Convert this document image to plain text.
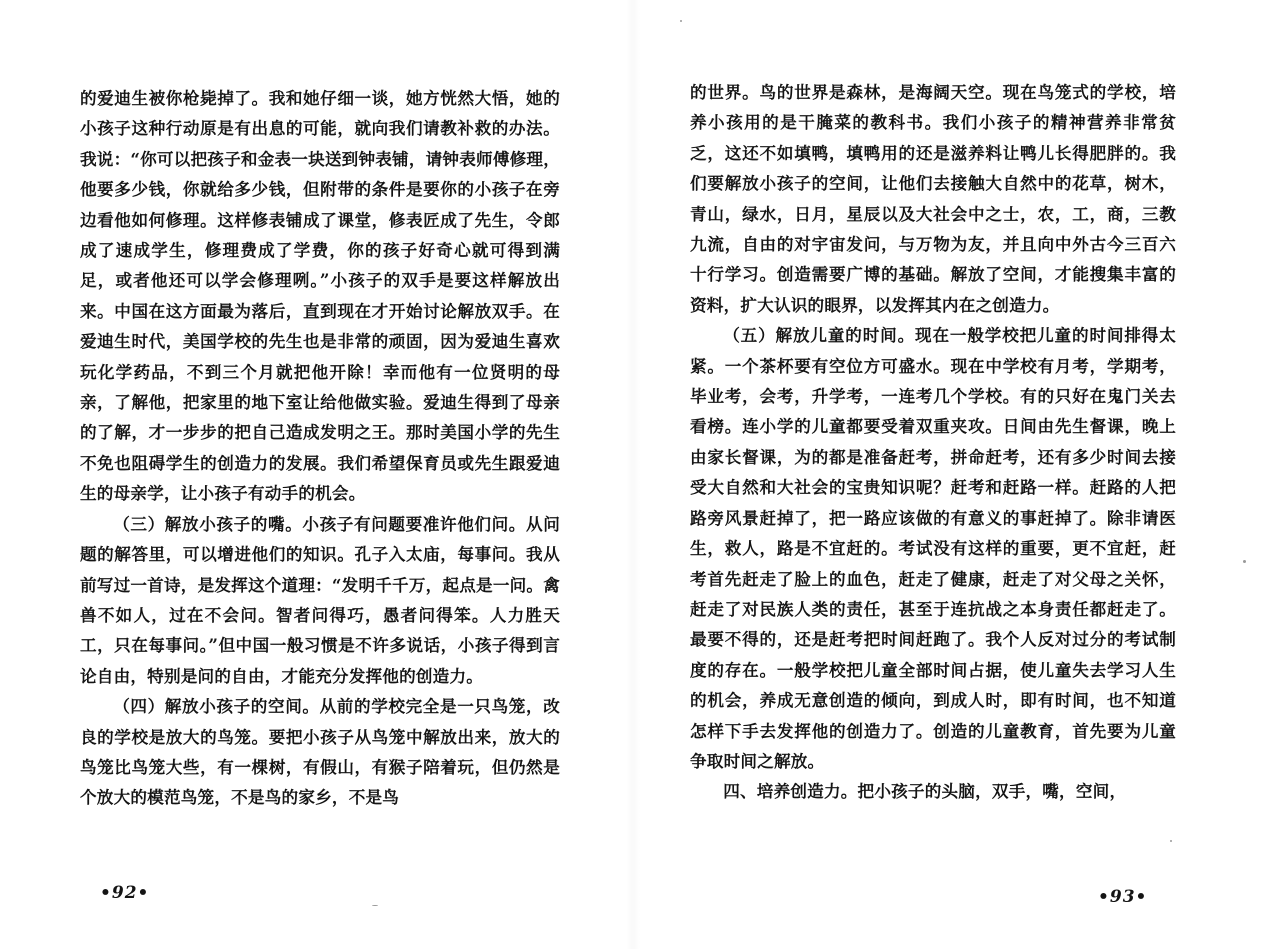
的爱迪生被你枪毙掉了。我和她仔细一谈，她方恍然大悟，她的小孩子这种行动原是有出息的可能，就向我们请教补救的办法。我说：“你可以把孩子和金表一块送到钟表铺，请钟表师傅修理，他要多少钱，你就给多少钱，但附带的条件是要你的小孩子在旁边看他如何修理。这样修表铺成了课堂，修表匠成了先生，令郎成了速成学生，修理费成了学费，你的孩子好奇心就可得到满足，或者他还可以学会修理咧。”小孩子的双手是要这样解放出来。中国在这方面最为落后，直到现在才开始讨论解放双手。在爱迪生时代，美国学校的先生也是非常的顽固，因为爱迪生喜欢玩化学药品，不到三个月就把他开除！幸而他有一位贤明的母亲，了解他，把家里的地下室让给他做实验。爱迪生得到了母亲的了解，才一步步的把自己造成发明之王。那时美国小学的先生不免也阻碍学生的创造力的发展。我们希望保育员或先生跟爱迪生的母亲学，让小孩子有动手的机会。

（三）解放小孩子的嘴。小孩子有问题要准许他们问。从问题的解答里，可以增进他们的知识。孔子入太庙，每事问。我从前写过一首诗，是发挥这个道理：“发明千千万，起点是一问。禽兽不如人，过在不会问。智者问得巧，愚者问得笨。人力胜天工，只在每事问。”但中国一般习惯是不许多说话，小孩子得到言论自由，特别是问的自由，才能充分发挥他的创造力。

（四）解放小孩子的空间。从前的学校完全是一只鸟笼，改良的学校是放大的鸟笼。要把小孩子从鸟笼中解放出来，放大的鸟笼比鸟笼大些，有一棵树，有假山，有猴子陪着玩，但仍然是个放大的模范鸟笼，不是鸟的家乡，不是鸟

•92•

的世界。鸟的世界是森林，是海阔天空。现在鸟笼式的学校，培养小孩用的是干腌菜的教科书。我们小孩子的精神营养非常贫乏，这还不如填鸭，填鸭用的还是滋养料让鸭儿长得肥胖的。我们要解放小孩子的空间，让他们去接触大自然中的花草，树木，青山，绿水，日月，星辰以及大社会中之士，农，工，商，三教九流，自由的对宇宙发问，与万物为友，并且向中外古今三百六十行学习。创造需要广博的基础。解放了空间，才能搜集丰富的资料，扩大认识的眼界，以发挥其内在之创造力。

（五）解放儿童的时间。现在一般学校把儿童的时间排得太紧。一个茶杯要有空位方可盛水。现在中学校有月考，学期考，毕业考，会考，升学考，一连考几个学校。有的只好在鬼门关去看榜。连小学的儿童都要受着双重夹攻。日间由先生督课，晚上由家长督课，为的都是准备赶考，拼命赶考，还有多少时间去接受大自然和大社会的宝贵知识呢？赶考和赶路一样。赶路的人把路旁风景赶掉了，把一路应该做的有意义的事赶掉了。除非请医生，救人，路是不宜赶的。考试没有这样的重要，更不宜赶，赶考首先赶走了脸上的血色，赶走了健康，赶走了对父母之关怀，赶走了对民族人类的责任，甚至于连抗战之本身责任都赶走了。最要不得的，还是赶考把时间赶跑了。我个人反对过分的考试制度的存在。一般学校把儿童全部时间占据，使儿童失去学习人生的机会，养成无意创造的倾向，到成人时，即有时间，也不知道怎样下手去发挥他的创造力了。创造的儿童教育，首先要为儿童争取时间之解放。

四、培养创造力。把小孩子的头脑，双手，嘴，空间，

•93•
